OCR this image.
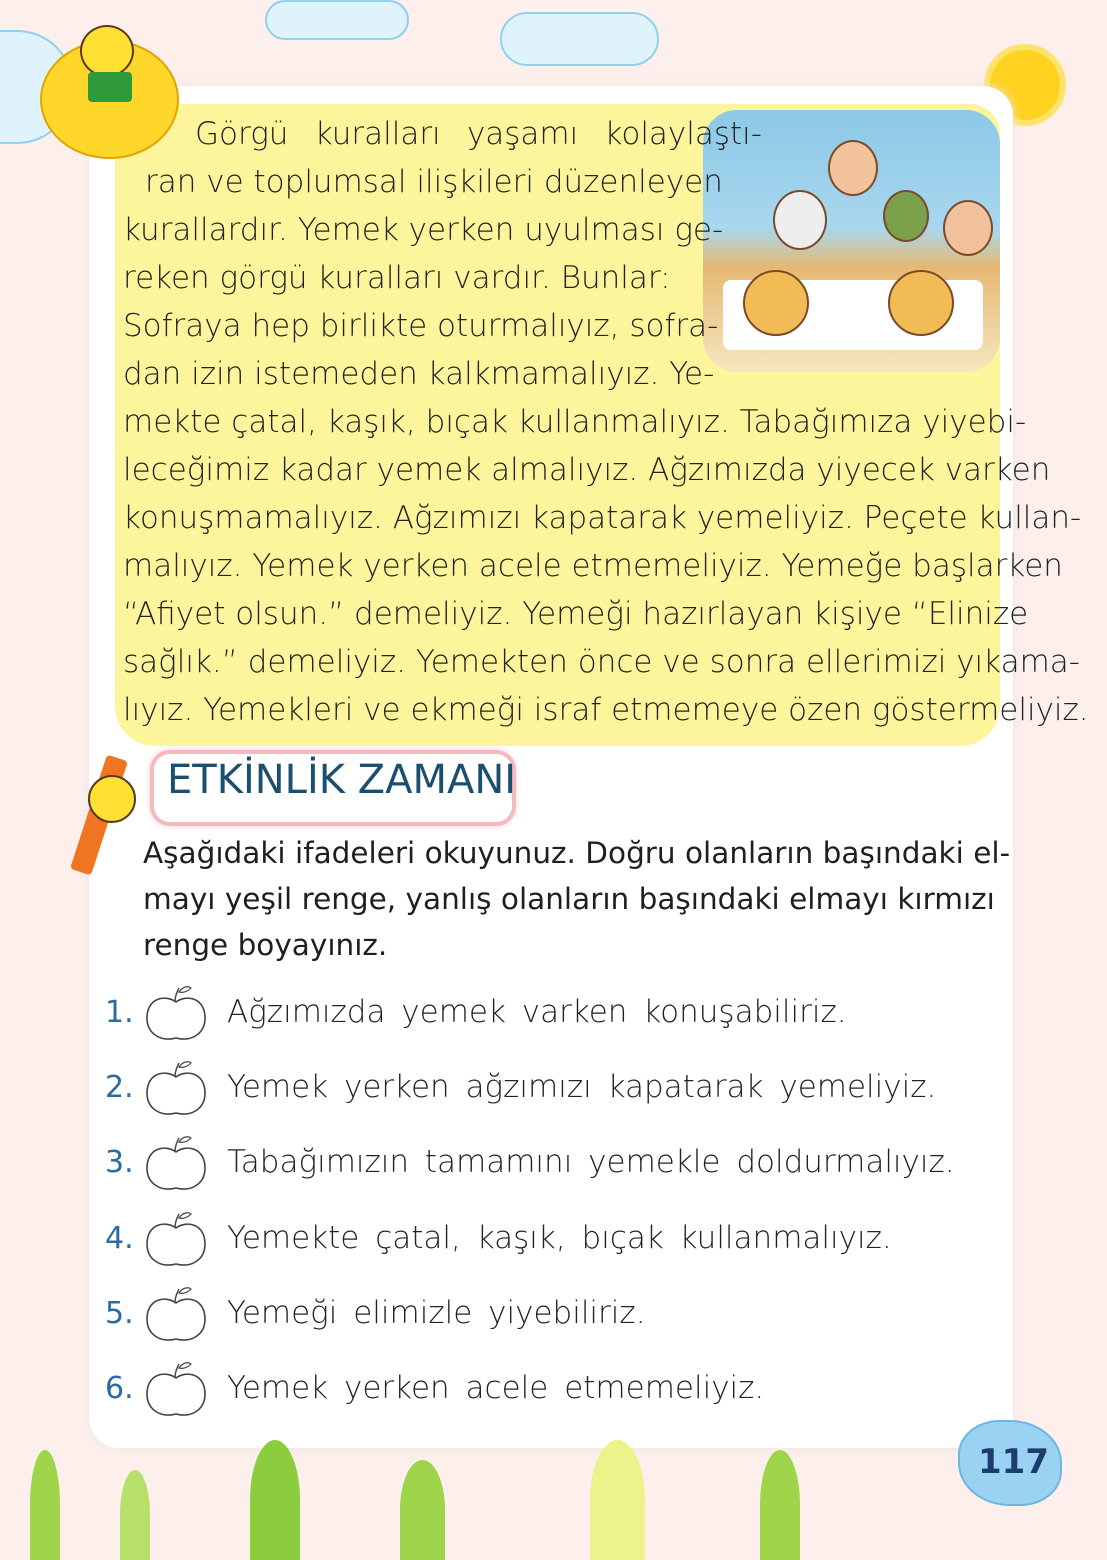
Görgü kuralları yaşamı kolaylaştı-
ran ve toplumsal ilişkileri düzenleyen
kurallardır. Yemek yerken uyulması ge-
reken görgü kuralları vardır. Bunlar:
Sofraya hep birlikte oturmalıyız, sofra-
dan izin istemeden kalkmamalıyız. Ye-
mekte çatal, kaşık, bıçak kullanmalıyız. Tabağımıza yiyebi-
leceğimiz kadar yemek almalıyız. Ağzımızda yiyecek varken
konuşmamalıyız. Ağzımızı kapatarak yemeliyiz. Peçete kullan-
malıyız. Yemek yerken acele etmemeliyiz. Yemeğe başlarken
“Afiyet olsun.” demeliyiz. Yemeği hazırlayan kişiye “Elinize
sağlık.” demeliyiz. Yemekten önce ve sonra ellerimizi yıkama-
lıyız. Yemekleri ve ekmeği israf etmemeye özen göstermeliyiz.
ETKİNLİK ZAMANI
Aşağıdaki ifadeleri okuyunuz. Doğru olanların başındaki el-
mayı yeşil renge, yanlış olanların başındaki elmayı kırmızı
renge boyayınız.
1.	Ağzımızda yemek varken konuşabiliriz.
2.	Yemek yerken ağzımızı kapatarak yemeliyiz.
3.	Tabağımızın tamamını yemekle doldurmalıyız.
4.	Yemekte çatal, kaşık, bıçak kullanmalıyız.
5.	Yemeği elimizle yiyebiliriz.
6.	Yemek yerken acele etmemeliyiz.
117
